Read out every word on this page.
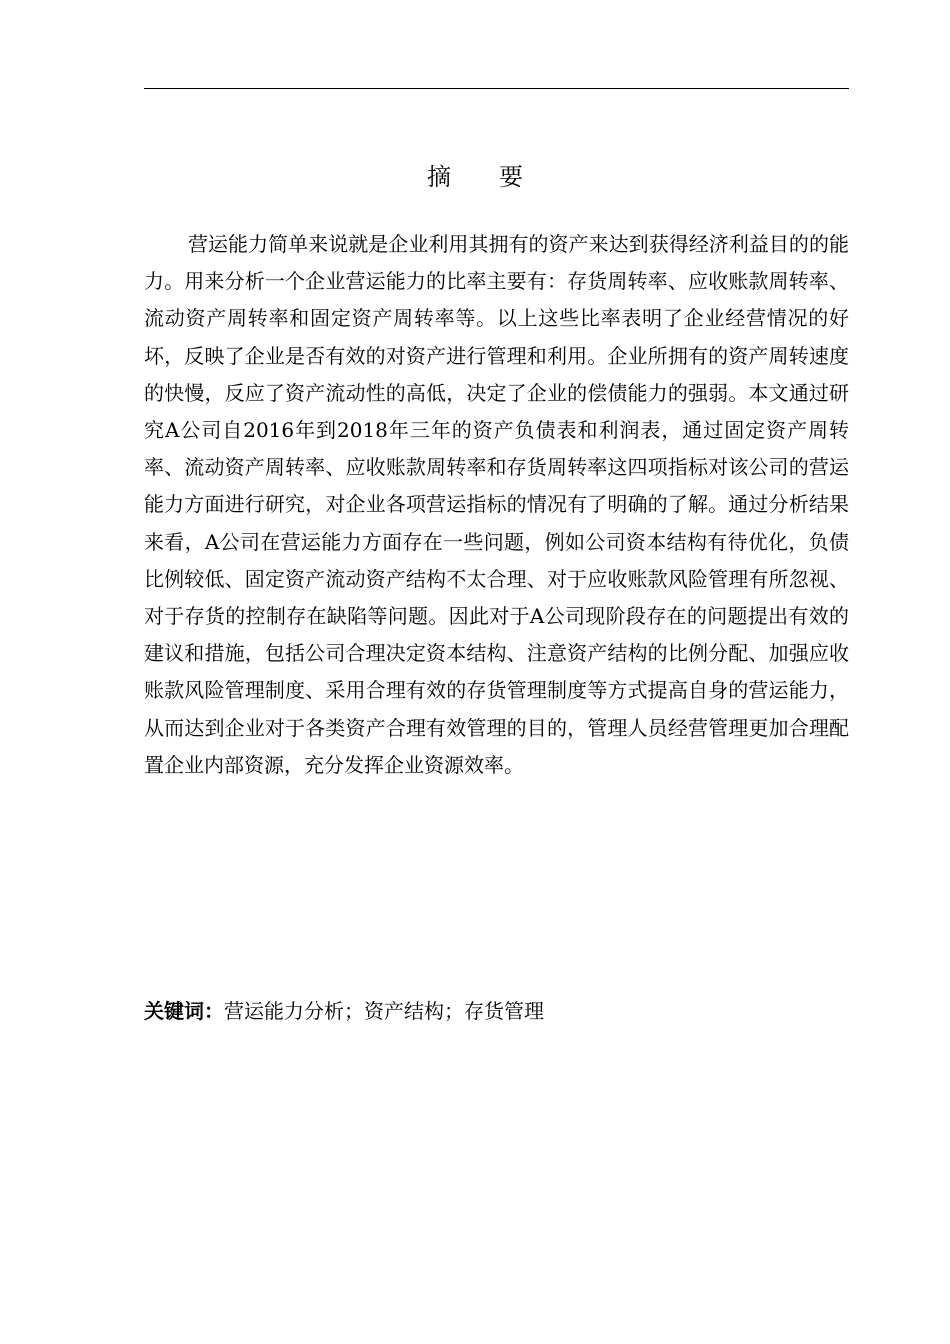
摘 要

营运能力简单来说就是企业利用其拥有的资产来达到获得经济利益目的的能力。用来分析一个企业营运能力的比率主要有：存货周转率、应收账款周转率、流动资产周转率和固定资产周转率等。以上这些比率表明了企业经营情况的好坏，反映了企业是否有效的对资产进行管理和利用。企业所拥有的资产周转速度的快慢，反应了资产流动性的高低，决定了企业的偿债能力的强弱。本文通过研究A公司自2016年到2018年三年的资产负债表和利润表，通过固定资产周转率、流动资产周转率、应收账款周转率和存货周转率这四项指标对该公司的营运能力方面进行研究，对企业各项营运指标的情况有了明确的了解。通过分析结果来看，A公司在营运能力方面存在一些问题，例如公司资本结构有待优化，负债比例较低、固定资产流动资产结构不太合理、对于应收账款风险管理有所忽视、对于存货的控制存在缺陷等问题。因此对于A公司现阶段存在的问题提出有效的建议和措施，包括公司合理决定资本结构、注意资产结构的比例分配、加强应收账款风险管理制度、采用合理有效的存货管理制度等方式提高自身的营运能力，从而达到企业对于各类资产合理有效管理的目的，管理人员经营管理更加合理配置企业内部资源，充分发挥企业资源效率。

关键词：营运能力分析；资产结构；存货管理
